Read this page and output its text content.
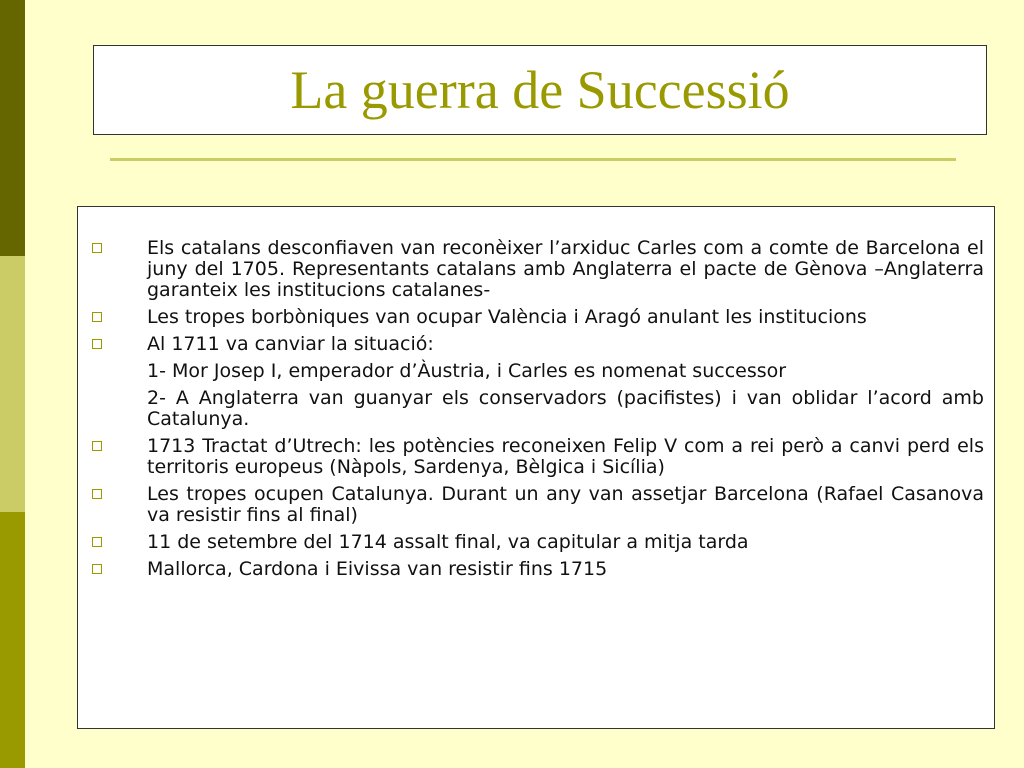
La guerra de Successió
Els catalans desconfiaven van reconèixer l’arxiduc Carles com a comte de Barcelona el juny del 1705. Representants catalans amb Anglaterra el pacte de Gènova –Anglaterra garanteix les institucions catalanes-
Les tropes borbòniques van ocupar València i Aragó anulant les institucions
Al 1711 va canviar la situació:
1- Mor Josep I, emperador d’Àustria, i Carles es nomenat successor
2- A Anglaterra van guanyar els conservadors (pacifistes) i van oblidar l’acord amb Catalunya.
1713 Tractat d’Utrech: les potències reconeixen Felip V com a rei però a canvi perd els territoris europeus (Nàpols, Sardenya, Bèlgica i Sicília)
Les tropes ocupen Catalunya. Durant un any van assetjar Barcelona (Rafael Casanova va resistir fins al final)
11 de setembre del 1714 assalt final, va capitular a mitja tarda
Mallorca, Cardona i Eivissa van resistir fins 1715
